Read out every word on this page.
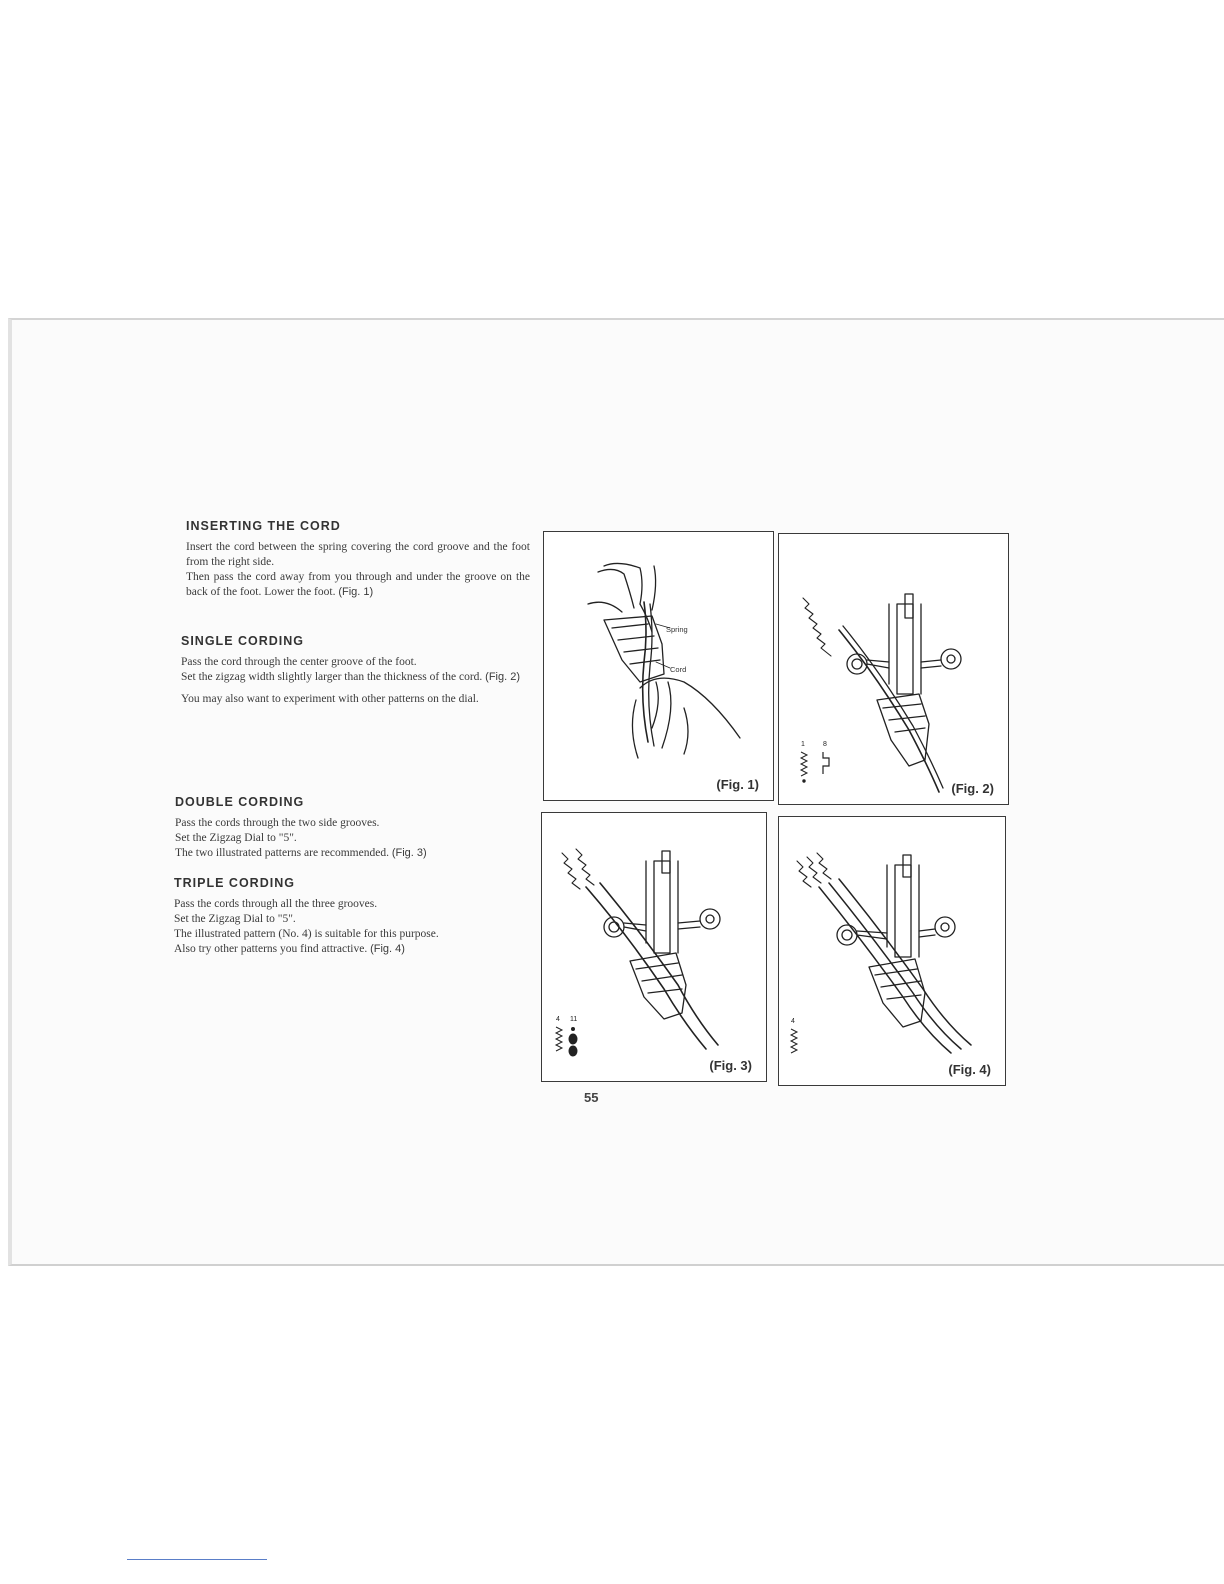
INSERTING THE CORD

Insert the cord between the spring covering the cord groove and the foot from the right side.

Then pass the cord away from you through and under the groove on the back of the foot. Lower the foot. (Fig. 1)

SINGLE CORDING

Pass the cord through the center groove of the foot.

Set the zigzag width slightly larger than the thickness of the cord. (Fig. 2)

You may also want to experiment with other patterns on the dial.

DOUBLE CORDING

Pass the cords through the two side grooves.

Set the Zigzag Dial to "5".

The two illustrated patterns are recommended. (Fig. 3)

TRIPLE CORDING

Pass the cords through all the three grooves.

Set the Zigzag Dial to "5".

The illustrated pattern (No. 4) is suitable for this purpose.

Also try other patterns you find attractive. (Fig. 4)

Spring
Cord
(Fig. 1)
1	8
(Fig. 2)
4 11
(Fig. 3)
4
(Fig. 4)
55
